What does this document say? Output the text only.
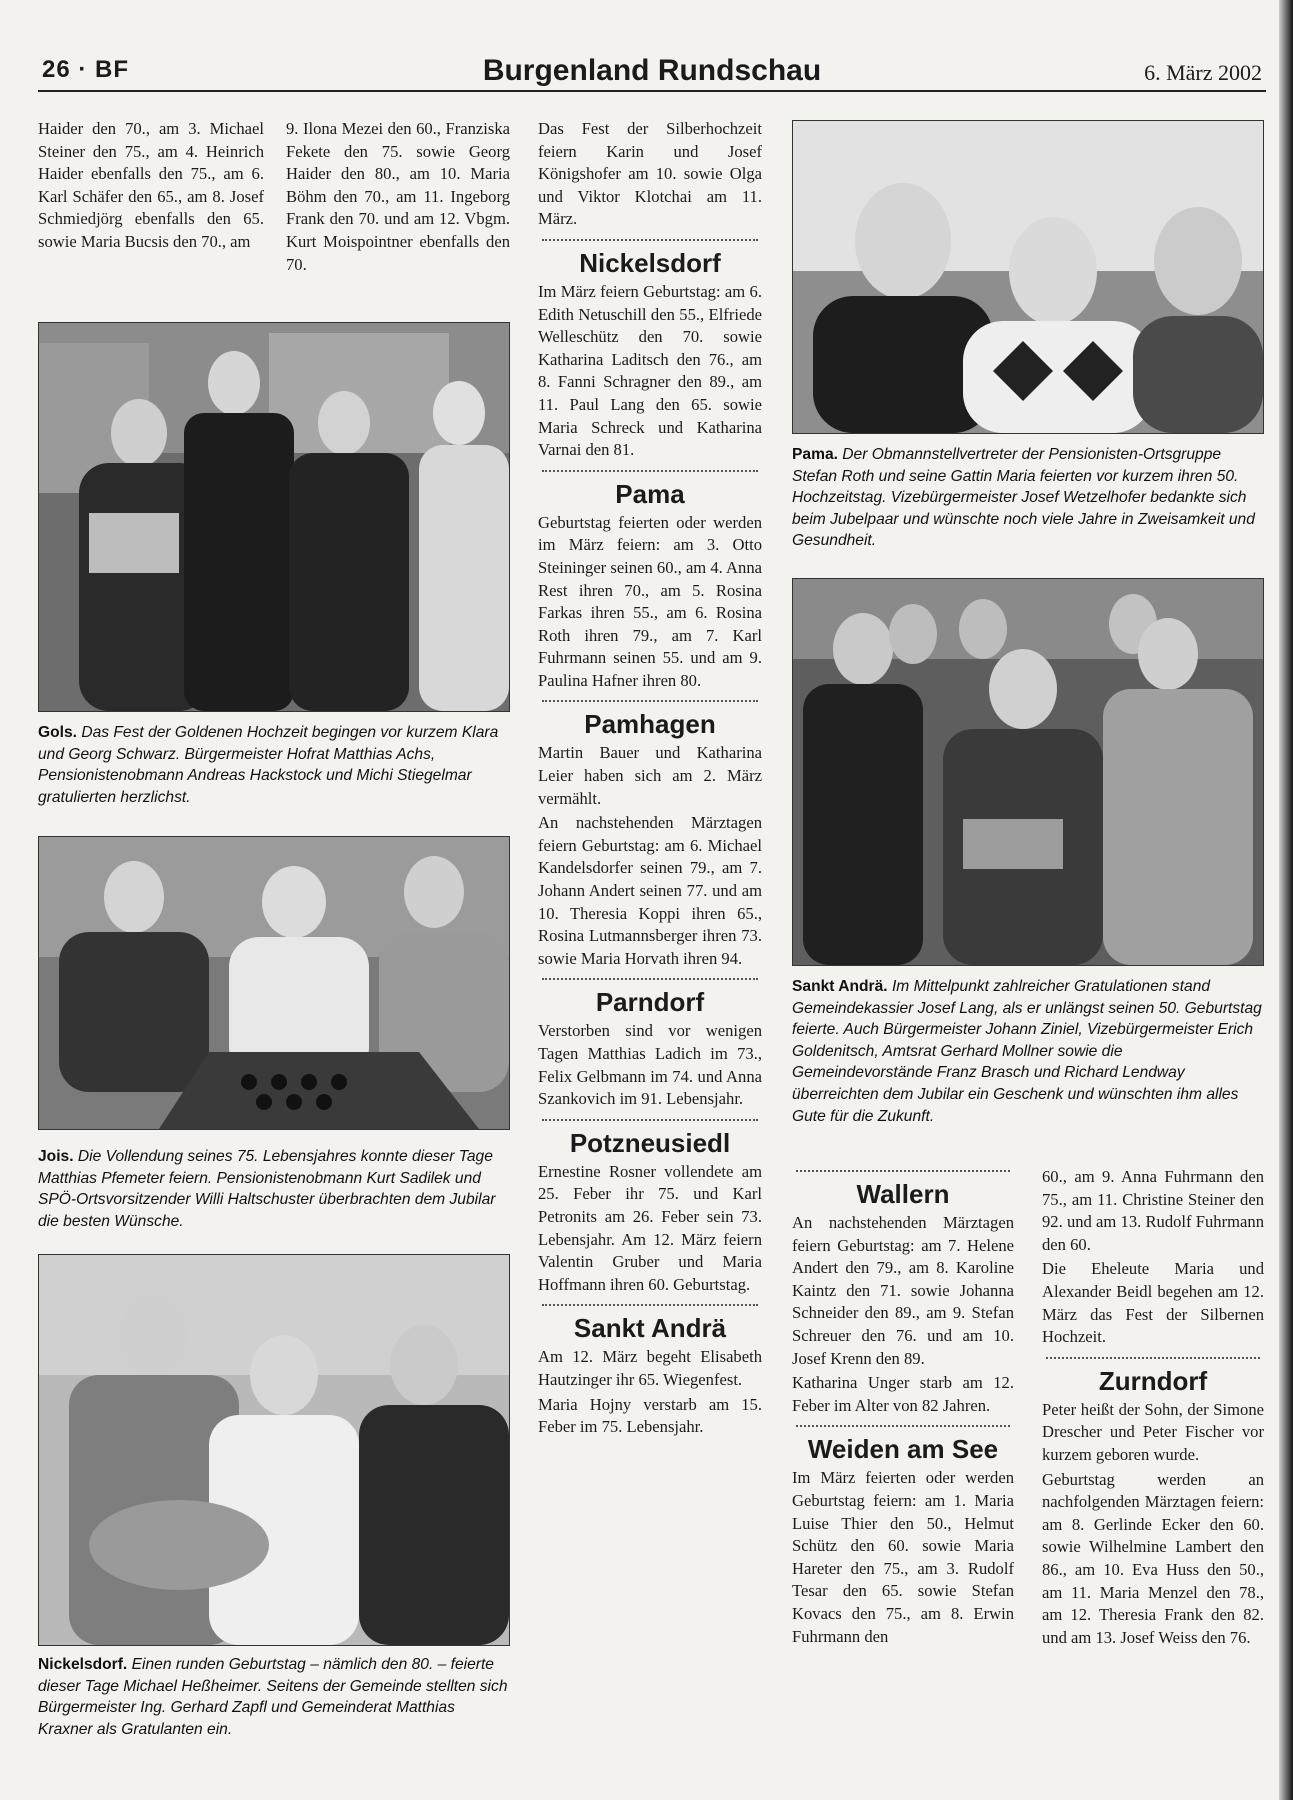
26 · BF	Burgenland Rundschau	6. März 2002

Haider den 70., am 3. Michael Steiner den 75., am 4. Heinrich Haider ebenfalls den 75., am 6. Karl Schäfer den 65., am 8. Josef Schmiedjörg ebenfalls den 65. sowie Maria Bucsis den 70., am

9. Ilona Mezei den 60., Franziska Fekete den 75. sowie Georg Haider den 80., am 10. Maria Böhm den 70., am 11. Ingeborg Frank den 70. und am 12. Vbgm. Kurt Moispointner ebenfalls den 70.

Gols. Das Fest der Goldenen Hochzeit begingen vor kurzem Klara und Georg Schwarz. Bürgermeister Hofrat Matthias Achs, Pensionistenobmann Andreas Hackstock und Michi Stiegelmar gratulierten herzlichst.
Jois. Die Vollendung seines 75. Lebensjahres konnte dieser Tage Matthias Pfemeter feiern. Pensionistenobmann Kurt Sadilek und SPÖ-Ortsvorsitzender Willi Haltschuster überbrachten dem Jubilar die besten Wünsche.
Nickelsdorf. Einen runden Geburtstag – nämlich den 80. – feierte dieser Tage Michael Heßheimer. Seitens der Gemeinde stellten sich Bürgermeister Ing. Gerhard Zapfl und Gemeinderat Matthias Kraxner als Gratulanten ein.

Das Fest der Silberhochzeit feiern Karin und Josef Königshofer am 10. sowie Olga und Viktor Klotchai am 11. März.

Nickelsdorf

Im März feiern Geburtstag: am 6. Edith Netuschill den 55., Elfriede Welleschütz den 70. sowie Katharina Laditsch den 76., am 8. Fanni Schragner den 89., am 11. Paul Lang den 65. sowie Maria Schreck und Katharina Varnai den 81.

Pama

Geburtstag feierten oder werden im März feiern: am 3. Otto Steininger seinen 60., am 4. Anna Rest ihren 70., am 5. Rosina Farkas ihren 55., am 6. Rosina Roth ihren 79., am 7. Karl Fuhrmann seinen 55. und am 9. Paulina Hafner ihren 80.

Pamhagen

Martin Bauer und Katharina Leier haben sich am 2. März vermählt.

An nachstehenden Märztagen feiern Geburtstag: am 6. Michael Kandelsdorfer seinen 79., am 7. Johann Andert seinen 77. und am 10. Theresia Koppi ihren 65., Rosina Lutmannsberger ihren 73. sowie Maria Horvath ihren 94.

Parndorf

Verstorben sind vor wenigen Tagen Matthias Ladich im 73., Felix Gelbmann im 74. und Anna Szankovich im 91. Lebensjahr.

Potzneusiedl

Ernestine Rosner vollendete am 25. Feber ihr 75. und Karl Petronits am 26. Feber sein 73. Lebensjahr. Am 12. März feiern Valentin Gruber und Maria Hoffmann ihren 60. Geburtstag.

Sankt Andrä

Am 12. März begeht Elisabeth Hautzinger ihr 65. Wiegenfest.

Maria Hojny verstarb am 15. Feber im 75. Lebensjahr.

Pama. Der Obmannstellvertreter der Pensionisten-Ortsgruppe Stefan Roth und seine Gattin Maria feierten vor kurzem ihren 50. Hochzeitstag. Vizebürgermeister Josef Wetzelhofer bedankte sich beim Jubelpaar und wünschte noch viele Jahre in Zweisamkeit und Gesundheit.
Sankt Andrä. Im Mittelpunkt zahlreicher Gratulationen stand Gemeindekassier Josef Lang, als er unlängst seinen 50. Geburtstag feierte. Auch Bürgermeister Johann Ziniel, Vizebürgermeister Erich Goldenitsch, Amtsrat Gerhard Mollner sowie die Gemeindevorstände Franz Brasch und Richard Lendway überreichten dem Jubilar ein Geschenk und wünschten ihm alles Gute für die Zukunft.
Wallern

An nachstehenden Märztagen feiern Geburtstag: am 7. Helene Andert den 79., am 8. Karoline Kaintz den 71. sowie Johanna Schneider den 89., am 9. Stefan Schreuer den 76. und am 10. Josef Krenn den 89.

Katharina Unger starb am 12. Feber im Alter von 82 Jahren.

Weiden am See

Im März feierten oder werden Geburtstag feiern: am 1. Maria Luise Thier den 50., Helmut Schütz den 60. sowie Maria Hareter den 75., am 3. Rudolf Tesar den 65. sowie Stefan Kovacs den 75., am 8. Erwin Fuhrmann den

60., am 9. Anna Fuhrmann den 75., am 11. Christine Steiner den 92. und am 13. Rudolf Fuhrmann den 60.

Die Eheleute Maria und Alexander Beidl begehen am 12. März das Fest der Silbernen Hochzeit.

Zurndorf

Peter heißt der Sohn, der Simone Drescher und Peter Fischer vor kurzem geboren wurde.

Geburtstag werden an nachfolgenden Märztagen feiern: am 8. Gerlinde Ecker den 60. sowie Wilhelmine Lambert den 86., am 10. Eva Huss den 50., am 11. Maria Menzel den 78., am 12. Theresia Frank den 82. und am 13. Josef Weiss den 76.
